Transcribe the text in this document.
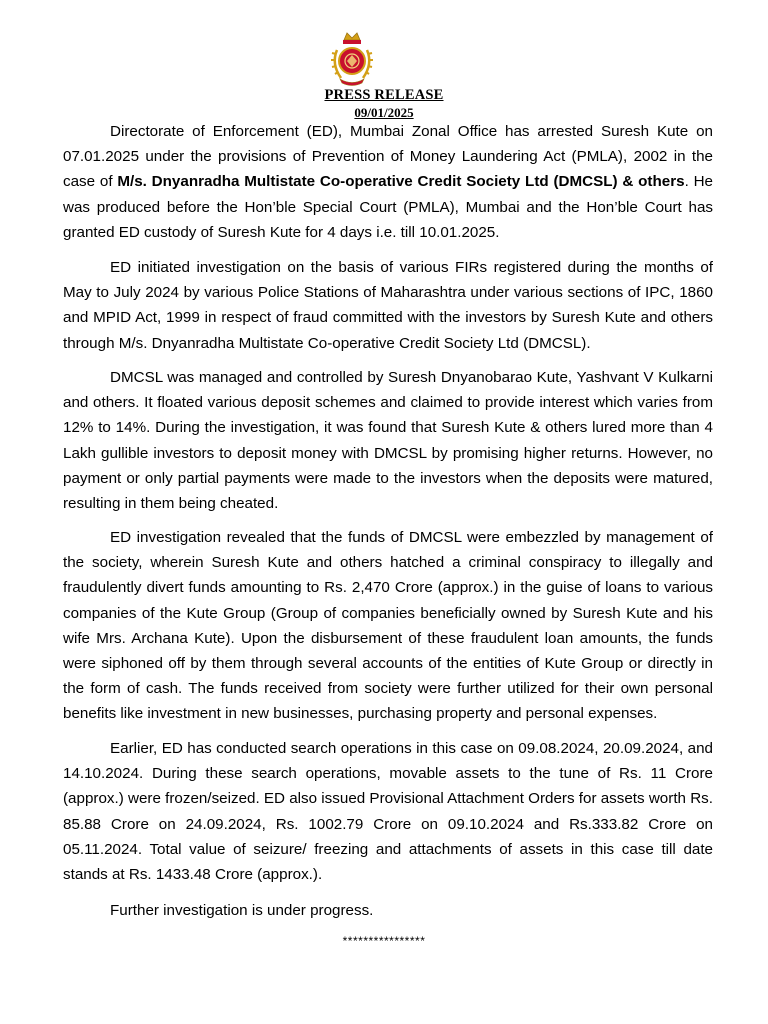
PRESS RELEASE
09/01/2025
Directorate of Enforcement (ED), Mumbai Zonal Office has arrested Suresh Kute on 07.01.2025 under the provisions of Prevention of Money Laundering Act (PMLA), 2002 in the case of M/s. Dnyanradha Multistate Co-operative Credit Society Ltd (DMCSL) & others. He was produced before the Hon’ble Special Court (PMLA), Mumbai and the Hon’ble Court has granted ED custody of Suresh Kute for 4 days i.e. till 10.01.2025.
ED initiated investigation on the basis of various FIRs registered during the months of May to July 2024 by various Police Stations of Maharashtra under various sections of IPC, 1860 and MPID Act, 1999 in respect of fraud committed with the investors by Suresh Kute and others through M/s. Dnyanradha Multistate Co-operative Credit Society Ltd (DMCSL).
DMCSL was managed and controlled by Suresh Dnyanobarao Kute, Yashvant V Kulkarni and others. It floated various deposit schemes and claimed to provide interest which varies from 12% to 14%. During the investigation, it was found that Suresh Kute & others lured more than 4 Lakh gullible investors to deposit money with DMCSL by promising higher returns. However, no payment or only partial payments were made to the investors when the deposits were matured, resulting in them being cheated.
ED investigation revealed that the funds of DMCSL were embezzled by management of the society, wherein Suresh Kute and others hatched a criminal conspiracy to illegally and fraudulently divert funds amounting to Rs. 2,470 Crore (approx.) in the guise of loans to various companies of the Kute Group (Group of companies beneficially owned by Suresh Kute and his wife Mrs. Archana Kute). Upon the disbursement of these fraudulent loan amounts, the funds were siphoned off by them through several accounts of the entities of Kute Group or directly in the form of cash. The funds received from society were further utilized for their own personal benefits like investment in new businesses, purchasing property and personal expenses.
Earlier, ED has conducted search operations in this case on 09.08.2024, 20.09.2024, and 14.10.2024. During these search operations, movable assets to the tune of Rs. 11 Crore (approx.) were frozen/seized. ED also issued Provisional Attachment Orders for assets worth Rs. 85.88 Crore on 24.09.2024, Rs. 1002.79 Crore on 09.10.2024 and Rs.333.82 Crore on 05.11.2024. Total value of seizure/ freezing and attachments of assets in this case till date stands at Rs. 1433.48 Crore (approx.).
Further investigation is under progress.
****************
